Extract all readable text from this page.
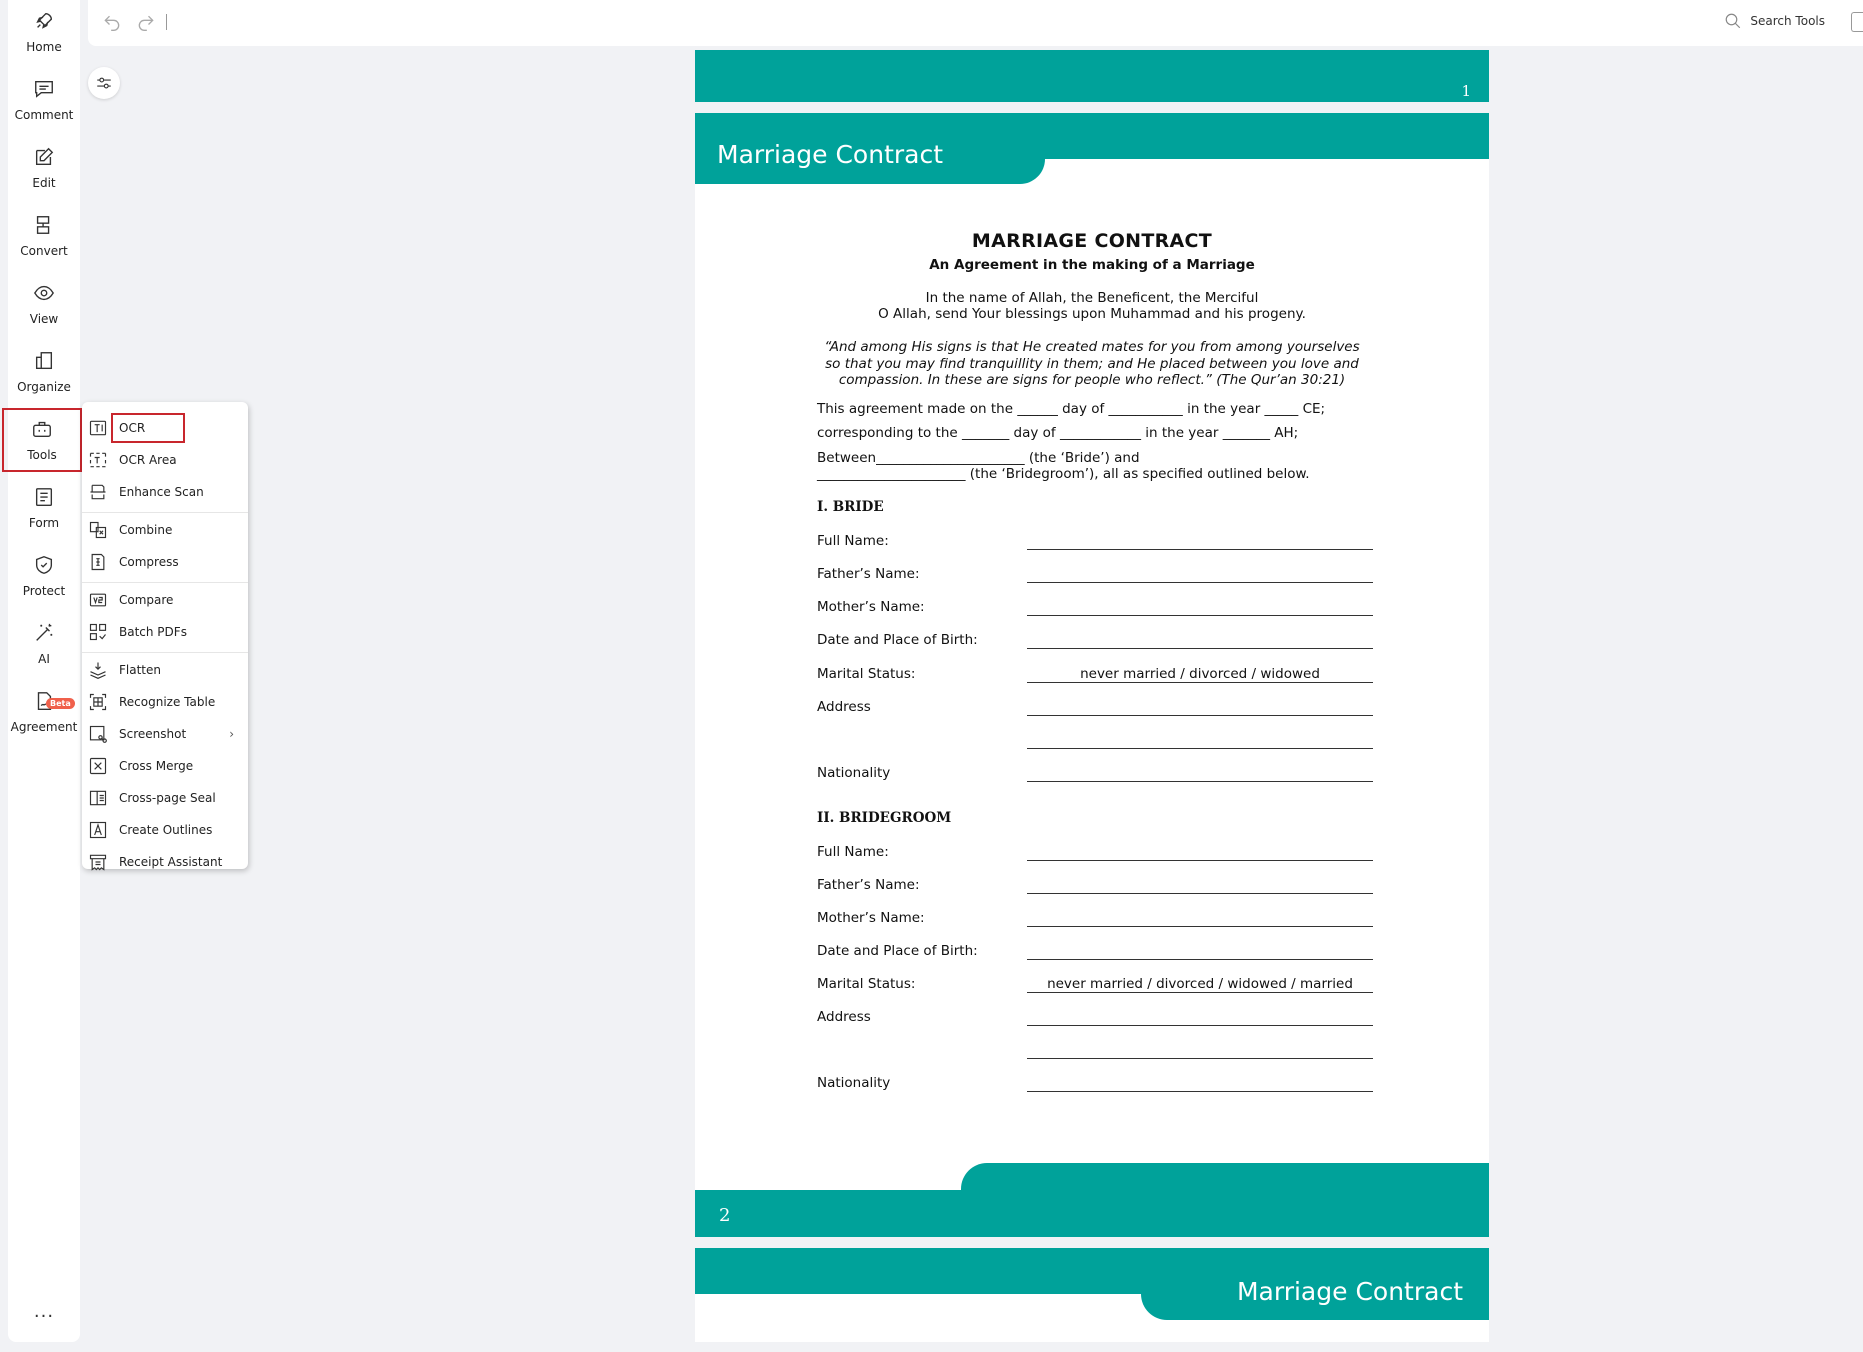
Home
Comment
Edit
Convert
View
Organize
Tools
Form
Protect
AI
Beta
Agreement
...
Search Tools
OCR
OCR Area
Enhance Scan
Combine
Compress
Compare
Batch PDFs
Flatten
Recognize Table
Screenshot	›
Cross Merge
Cross-page Seal
Create Outlines
Receipt Assistant
1
Marriage Contract
MARRIAGE CONTRACT
An Agreement in the making of a Marriage
In the name of Allah, the Beneficent, the Merciful
O Allah, send Your blessings upon Muhammad and his progeny.
“And among His signs is that He created mates for you from among yourselves
so that you may find tranquillity in them; and He placed between you love and
compassion. In these are signs for people who reflect.” (The Qur’an 30:21)
This agreement made on the ______ day of ___________ in the year _____ CE;
corresponding to the _______ day of ____________ in the year _______ AH;
Between______________________ (the ‘Bride’) and
______________________ (the ‘Bridegroom’), all as specified outlined below.
I. BRIDE
Full Name:
Father’s Name:
Mother’s Name:
Date and Place of Birth:
Marital Status:	never married / divorced / widowed
Address
Nationality
II. BRIDEGROOM
Full Name:
Father’s Name:
Mother’s Name:
Date and Place of Birth:
Marital Status:	never married / divorced / widowed / married
Address
Nationality
2
Marriage Contract
